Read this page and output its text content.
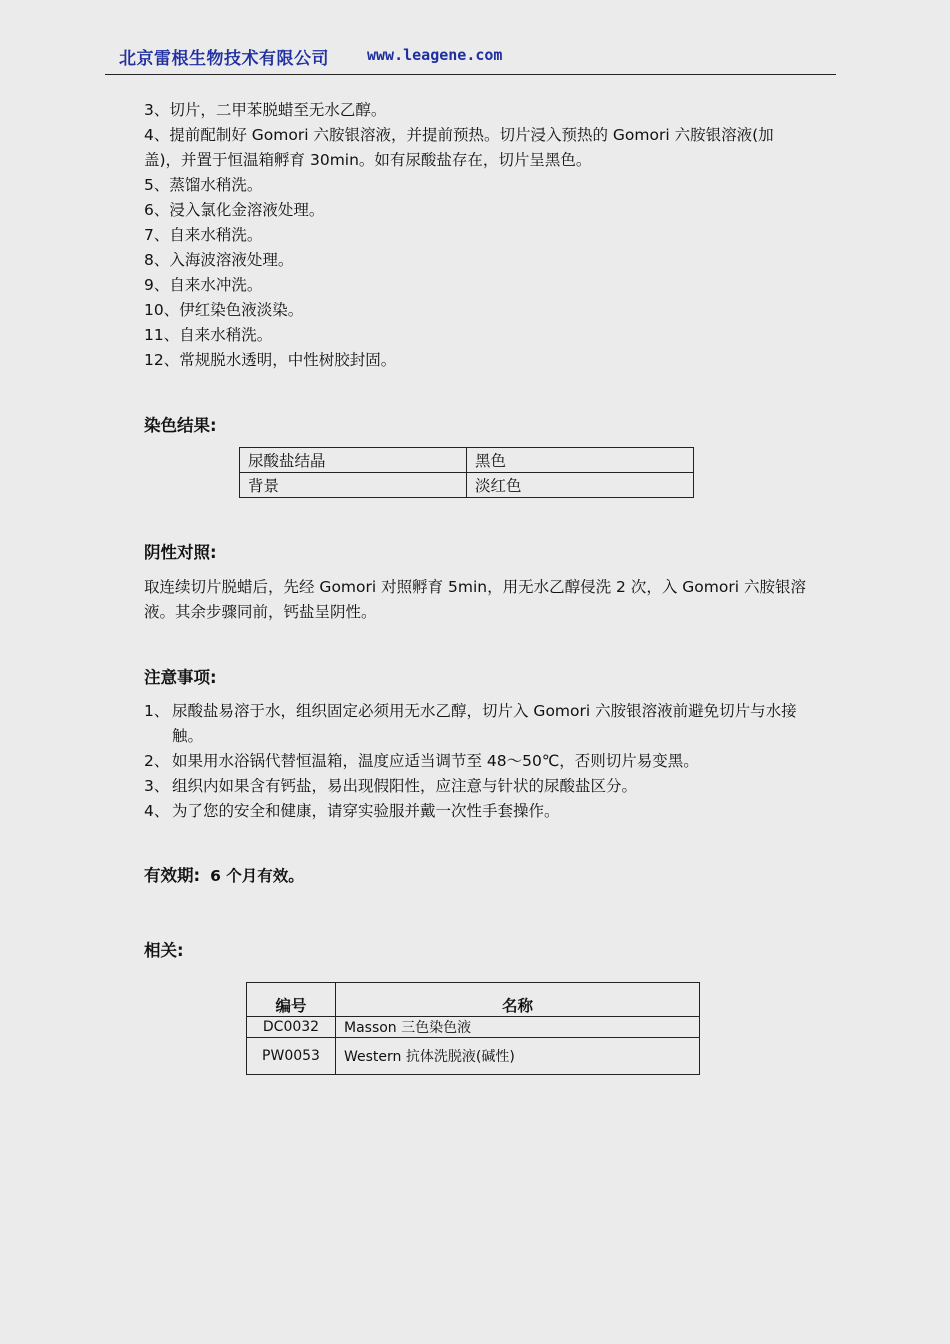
北京雷根生物技术有限公司	www.leagene.com

3、切片，二甲苯脱蜡至无水乙醇。

4、提前配制好 Gomori 六胺银溶液，并提前预热。切片浸入预热的 Gomori 六胺银溶液(加盖)，并置于恒温箱孵育 30min。如有尿酸盐存在，切片呈黑色。

5、蒸馏水稍洗。

6、浸入氯化金溶液处理。

7、自来水稍洗。

8、入海波溶液处理。

9、自来水冲洗。

10、伊红染色液淡染。

11、自来水稍洗。

12、常规脱水透明，中性树胶封固。

染色结果:
尿酸盐结晶	黑色
背景	淡红色
阴性对照:
取连续切片脱蜡后，先经 Gomori 对照孵育 5min，用无水乙醇侵洗 2 次，入 Gomori 六胺银溶液。其余步骤同前，钙盐呈阴性。
注意事项:
1、 尿酸盐易溶于水，组织固定必须用无水乙醇，切片入 Gomori 六胺银溶液前避免切片与水接触。
2、 如果用水浴锅代替恒温箱，温度应适当调节至 48～50℃，否则切片易变黑。
3、 组织内如果含有钙盐，易出现假阳性，应注意与针状的尿酸盐区分。
4、 为了您的安全和健康，请穿实验服并戴一次性手套操作。
有效期: 6 个月有效。
相关:
编号	名称
DC0032	Masson 三色染色液
PW0053	Western 抗体洗脱液(碱性)
